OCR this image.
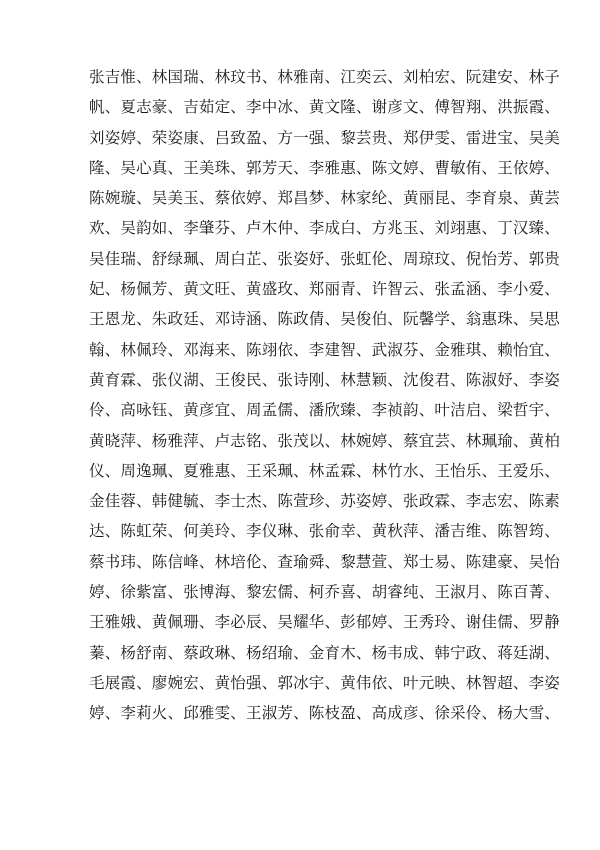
张吉惟、林国瑞、林玟书、林雅南、江奕云、刘柏宏、阮建安、林子
帆、夏志豪、吉茹定、李中冰、黄文隆、谢彦文、傅智翔、洪振霞、
刘姿婷、荣姿康、吕致盈、方一强、黎芸贵、郑伊雯、雷进宝、吴美
隆、吴心真、王美珠、郭芳天、李雅惠、陈文婷、曹敏侑、王依婷、
陈婉璇、吴美玉、蔡依婷、郑昌梦、林家纶、黄丽昆、李育泉、黄芸
欢、吴韵如、李肇芬、卢木仲、李成白、方兆玉、刘翊惠、丁汉臻、
吴佳瑞、舒绿珮、周白芷、张姿妤、张虹伦、周琼玟、倪怡芳、郭贵
妃、杨佩芳、黄文旺、黄盛玫、郑丽青、许智云、张孟涵、李小爱、
王恩龙、朱政廷、邓诗涵、陈政倩、吴俊伯、阮馨学、翁惠珠、吴思
翰、林佩玲、邓海来、陈翊依、李建智、武淑芬、金雅琪、赖怡宜、
黄育霖、张仪湖、王俊民、张诗刚、林慧颖、沈俊君、陈淑妤、李姿
伶、高咏钰、黄彦宜、周孟儒、潘欣臻、李祯韵、叶洁启、梁哲宇、
黄晓萍、杨雅萍、卢志铭、张茂以、林婉婷、蔡宜芸、林珮瑜、黄柏
仪、周逸珮、夏雅惠、王采珮、林孟霖、林竹水、王怡乐、王爱乐、
金佳蓉、韩健毓、李士杰、陈萱珍、苏姿婷、张政霖、李志宏、陈素
达、陈虹荣、何美玲、李仪琳、张俞幸、黄秋萍、潘吉维、陈智筠、
蔡书玮、陈信峰、林培伦、查瑜舜、黎慧萱、郑士易、陈建豪、吴怡
婷、徐紫富、张博海、黎宏儒、柯乔喜、胡睿纯、王淑月、陈百菁、
王雅娥、黄佩珊、李必辰、吴耀华、彭郁婷、王秀玲、谢佳儒、罗静
蓁、杨舒南、蔡政琳、杨绍瑜、金育木、杨韦成、韩宁政、蒋廷湖、
毛展霞、廖婉宏、黄怡强、郭冰宇、黄伟依、叶元映、林智超、李姿
婷、李莉火、邱雅雯、王淑芳、陈枝盈、高成彦、徐采伶、杨大雪、
